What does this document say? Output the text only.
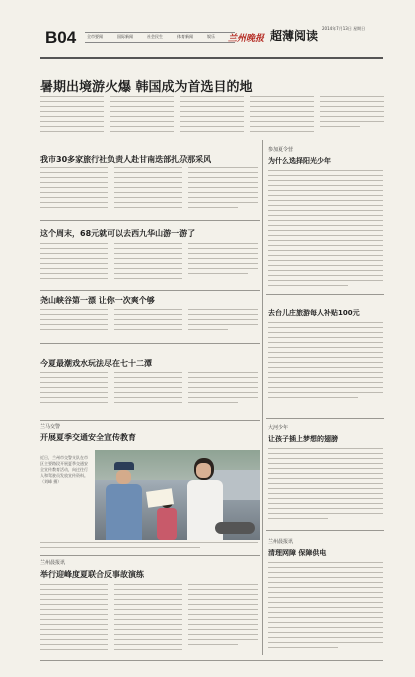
B04	全市要闻	国际新闻	社会民生	体育新闻	娱乐 兰州晚报 超薄阅读
2014年7月13日 星期日
暑期出境游火爆 韩国成为首选目的地
我市30多家旅行社负责人赴甘南迭部扎尕那采风
这个周末，68元就可以去西九华山游一游了
尧山峡谷第一漂 让你一次爽个够
今夏最潮戏水玩法尽在七十二潭
兰马交警
开展夏季交通安全宣传教育
近日，兰州市交警支队在市区主要路段开展夏季交通安全宣传教育活动，向过往行人和驾驶员发放宣传资料。（刘峰 摄）
兰州晨报讯
举行迎峰度夏联合反事故演练
参加夏令营
为什么选择阳光少年
去台儿庄旅游每人补贴100元
大河少年
让孩子插上梦想的翅膀
兰州晨报讯
清理网障 保障供电
